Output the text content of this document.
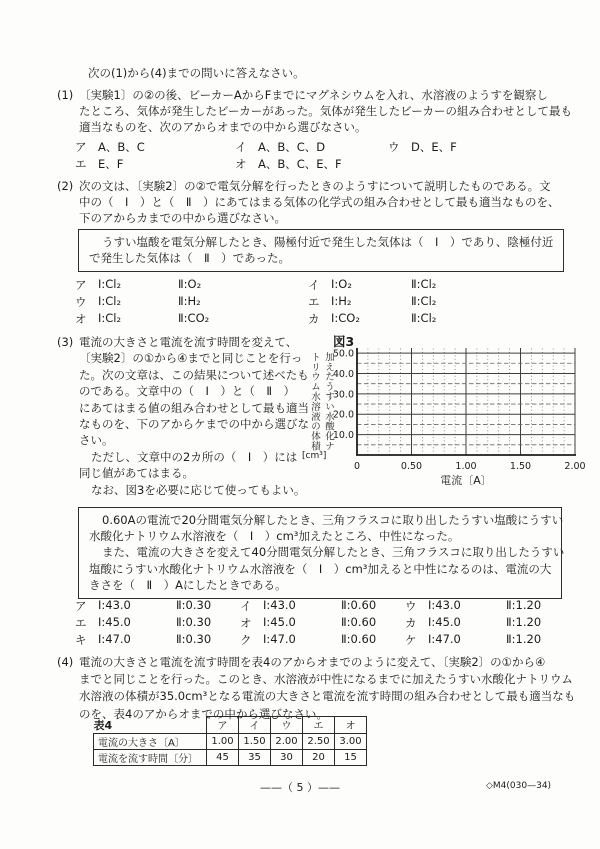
次の(1)から(4)までの問いに答えなさい。
(1) 〔実験1〕の②の後、ビーカーAからFまでにマグネシウムを入れ、水溶液のようすを観察し
たところ、気体が発生したビーカーがあった。気体が発生したビーカーの組み合わせとして最も
適当なものを、次のアからオまでの中から選びなさい。
ア	A、B、C	イ	A、B、C、D	ウ	D、E、F
エ	E、F	オ	A、B、C、E、F
(2) 次の文は、〔実験2〕の②で電気分解を行ったときのようすについて説明したものである。文
中の（　Ⅰ　）と（　Ⅱ　）にあてはまる気体の化学式の組み合わせとして最も適当なものを、
下のアからカまでの中から選びなさい。
うすい塩酸を電気分解したとき、陽極付近で発生した気体は（　Ⅰ　）であり、陰極付近
で発生した気体は（　Ⅱ　）であった。
ア	Ⅰ:Cl₂	Ⅱ:O₂	イ	Ⅰ:O₂	Ⅱ:Cl₂
ウ	Ⅰ:Cl₂	Ⅱ:H₂	エ	Ⅰ:H₂	Ⅱ:Cl₂
オ	Ⅰ:Cl₂	Ⅱ:CO₂	カ	Ⅰ:CO₂	Ⅱ:Cl₂
(3) 電流の大きさと電流を流す時間を変えて、
〔実験2〕の①から④までと同じことを行っ
た。次の文章は、この結果について述べたも
のである。文章中の（　Ⅰ　）と（　Ⅱ　）
にあてはまる値の組み合わせとして最も適当
なものを、下のアからケまでの中から選びな
さい。
ただし、文章中の2カ所の（　Ⅰ　）には
同じ値があてはまる。
なお、図3を必要に応じて使ってもよい。
図3
加えたうすい水酸化ナ
トリウム水溶液の体積
[cm³]
10.0
20.0
30.0
40.0
50.0
0	0.50	1.00	1.50	2.00
電流〔A〕
0.60Aの電流で20分間電気分解したとき、三角フラスコに取り出したうすい塩酸にうすい
水酸化ナトリウム水溶液を（　Ⅰ　）cm³加えたところ、中性になった。
また、電流の大きさを変えて40分間電気分解したとき、三角フラスコに取り出したうすい
塩酸にうすい水酸化ナトリウム水溶液を（　Ⅰ　）cm³加えると中性になるのは、電流の大
きさを（　Ⅱ　）Aにしたときである。
ア	Ⅰ:43.0	Ⅱ:0.30	イ	Ⅰ:43.0	Ⅱ:0.60	ウ	Ⅰ:43.0	Ⅱ:1.20
エ	Ⅰ:45.0	Ⅱ:0.30	オ	Ⅰ:45.0	Ⅱ:0.60	カ	Ⅰ:45.0	Ⅱ:1.20
キ	Ⅰ:47.0	Ⅱ:0.30	ク	Ⅰ:47.0	Ⅱ:0.60	ケ	Ⅰ:47.0	Ⅱ:1.20
(4) 電流の大きさと電流を流す時間を表4のアからオまでのように変えて、〔実験2〕の①から④
までと同じことを行った。このとき、水溶液が中性になるまでに加えたうすい水酸化ナトリウム
水溶液の体積が35.0cm³となる電流の大きさと電流を流す時間の組み合わせとして最も適当なも
のを、表4のアからオまでの中から選びなさい。
表4	ア	イ	ウ	エ	オ
電流の大きさ〔A〕	1.00	1.50	2.00	2.50	3.00
電流を流す時間〔分〕	45	35	30	20	15
——（ 5 ）——	◇M4(030—34)
